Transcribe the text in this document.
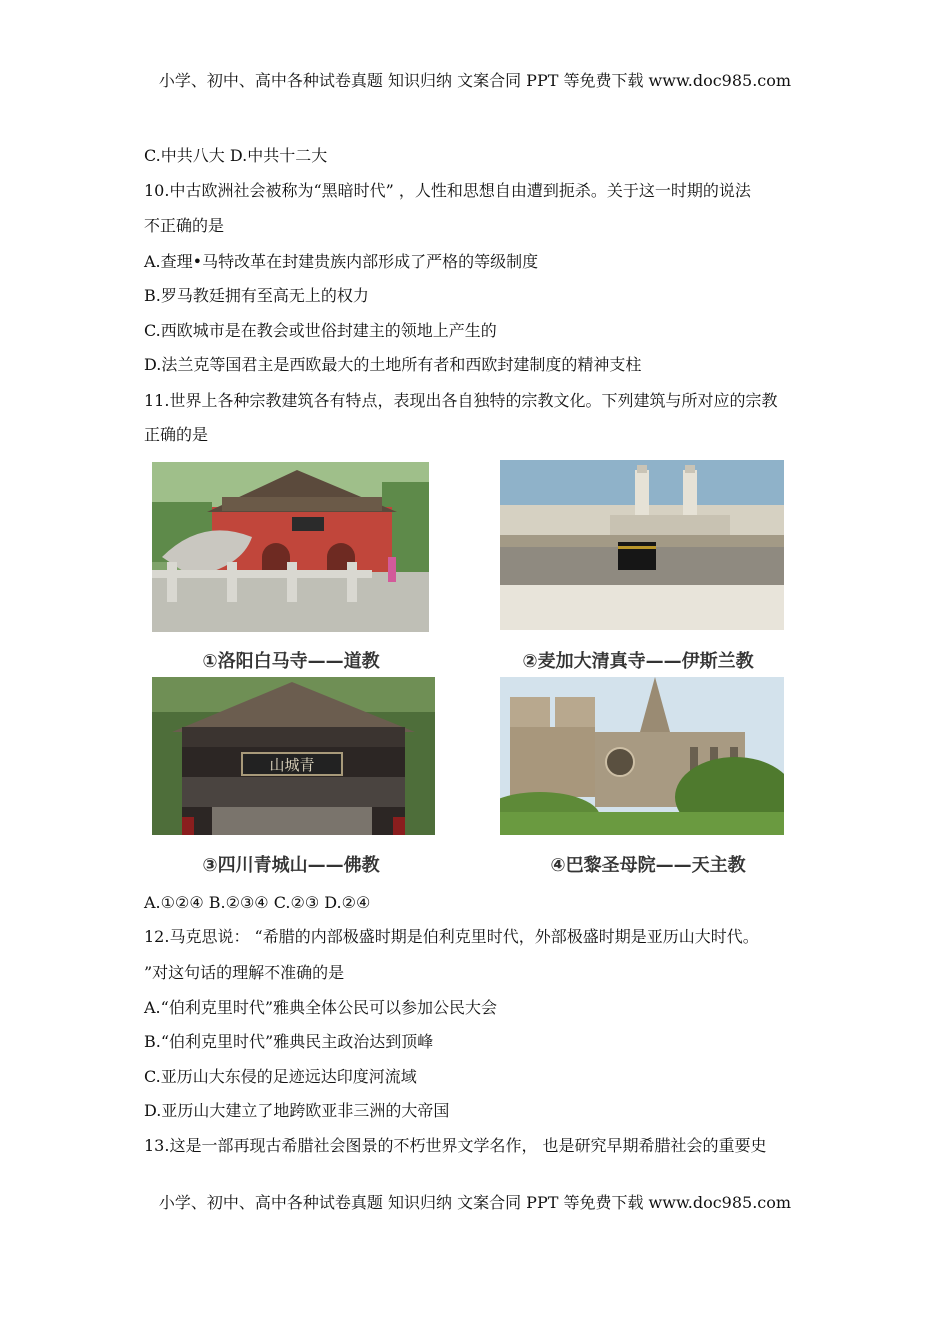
小学、初中、高中各种试卷真题 知识归纳 文案合同 PPT 等免费下载 www.doc985.com
C.中共八大 D.中共十二大
10.中古欧洲社会被称为“黑暗时代” ，人性和思想自由遭到扼杀。关于这一时期的说法
不正确的是
A.查理•马特改革在封建贵族内部形成了严格的等级制度
B.罗马教廷拥有至高无上的权力
C.西欧城市是在教会或世俗封建主的领地上产生的
D.法兰克等国君主是西欧最大的土地所有者和西欧封建制度的精神支柱
11.世界上各种宗教建筑各有特点，表现出各自独特的宗教文化。下列建筑与所对应的宗教
正确的是
①洛阳白马寺——道教	②麦加大清真寺——伊斯兰教
山城青
③四川青城山——佛教	④巴黎圣母院——天主教
A.①②④ B.②③④ C.②③ D.②④
12.马克思说： “希腊的内部极盛时期是伯利克里时代，外部极盛时期是亚历山大时代。
”对这句话的理解不准确的是
A.“伯利克里时代”雅典全体公民可以参加公民大会
B.“伯利克里时代”雅典民主政治达到顶峰
C.亚历山大东侵的足迹远达印度河流域
D.亚历山大建立了地跨欧亚非三洲的大帝国
13.这是一部再现古希腊社会图景的不朽世界文学名作， 也是研究早期希腊社会的重要史
小学、初中、高中各种试卷真题 知识归纳 文案合同 PPT 等免费下载 www.doc985.com
